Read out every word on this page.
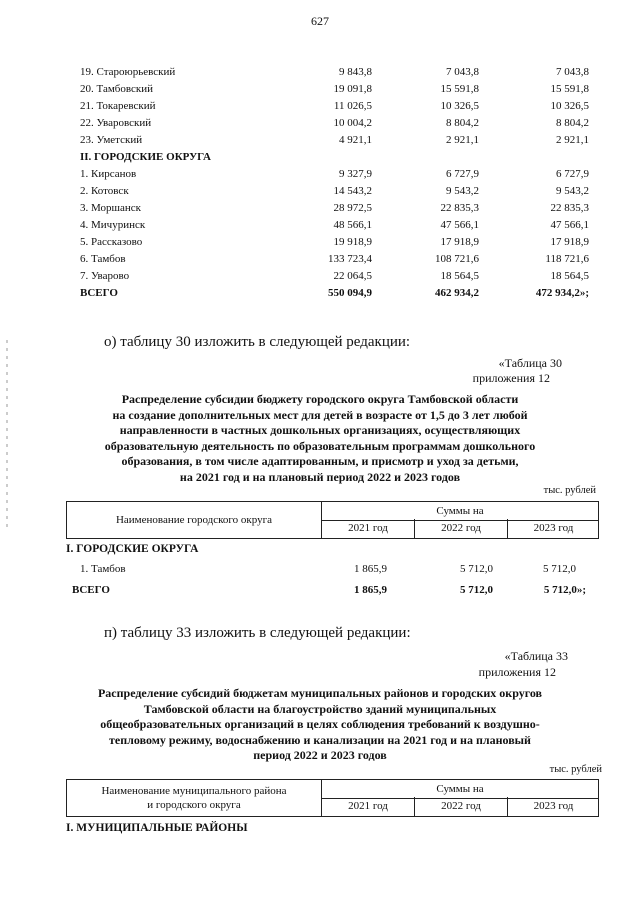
627
19. Староюрьевский	9 843,8	7 043,8	7 043,8
20. Тамбовский	19 091,8	15 591,8	15 591,8
21. Токаревский	11 026,5	10 326,5	10 326,5
22. Уваровский	10 004,2	8 804,2	8 804,2
23. Уметский	4 921,1	2 921,1	2 921,1
II. ГОРОДСКИЕ ОКРУГА			
1. Кирсанов	9 327,9	6 727,9	6 727,9
2. Котовск	14 543,2	9 543,2	9 543,2
3. Моршанск	28 972,5	22 835,3	22 835,3
4. Мичуринск	48 566,1	47 566,1	47 566,1
5. Рассказово	19 918,9	17 918,9	17 918,9
6. Тамбов	133 723,4	108 721,6	118 721,6
7. Уварово	22 064,5	18 564,5	18 564,5
ВСЕГО	550 094,9	462 934,2	472 934,2»;
о) таблицу 30 изложить в следующей редакции:
«Таблица 30
приложения 12
Распределение субсидии бюджету городского округа Тамбовской области
на создание дополнительных мест для детей в возрасте от 1,5 до 3 лет любой
направленности в частных дошкольных организациях, осуществляющих
образовательную деятельность по образовательным программам дошкольного
образования, в том числе адаптированным, и присмотр и уход за детьми,
на 2021 год и на плановый период 2022 и 2023 годов
тыс. рублей
Наименование городского округа
Суммы на
2021 год	2022 год	2023 год
I. ГОРОДСКИЕ ОКРУГА
1. Тамбов	1 865,9	5 712,0	5 712,0
ВСЕГО	1 865,9	5 712,0	5 712,0»;
п) таблицу 33 изложить в следующей редакции:
«Таблица 33
приложения 12
Распределение субсидий бюджетам муниципальных районов и городских округов
Тамбовской области на благоустройство зданий муниципальных
общеобразовательных организаций в целях соблюдения требований к воздушно-
тепловому режиму, водоснабжению и канализации на 2021 год и на плановый
период 2022 и 2023 годов
тыс. рублей
Наименование муниципального района
и городского округа
Суммы на
2021 год	2022 год	2023 год
I. МУНИЦИПАЛЬНЫЕ РАЙОНЫ
